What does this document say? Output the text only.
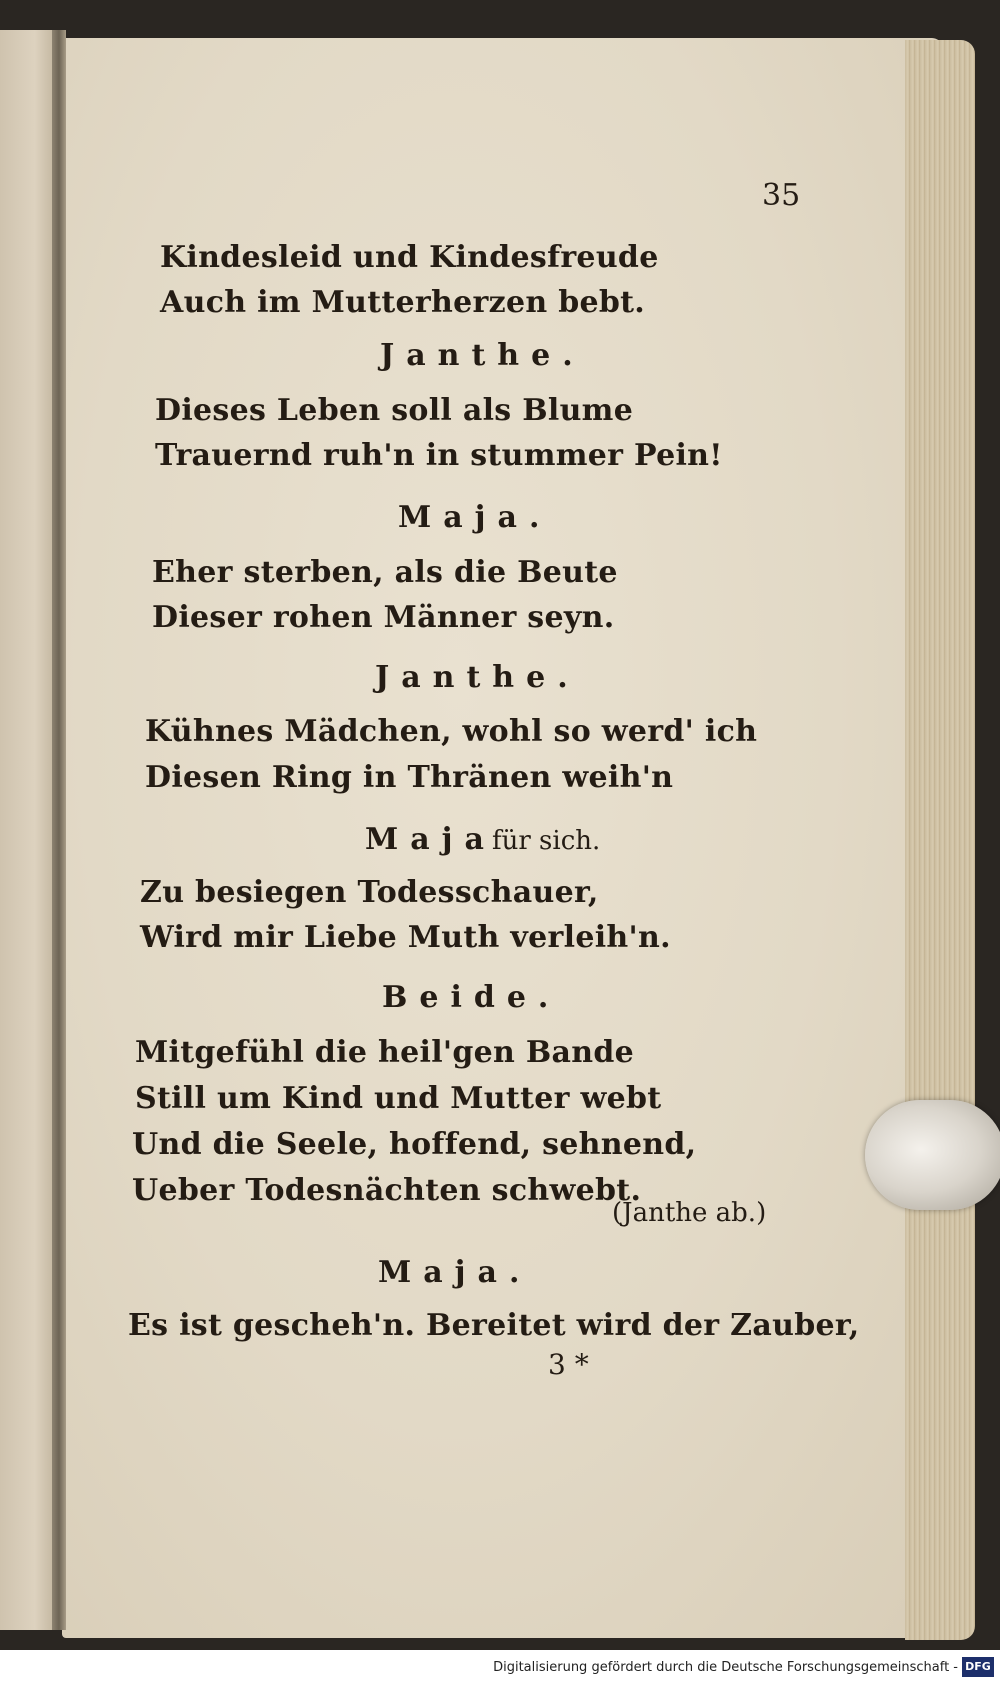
35
Kindesleid und Kindesfreude
Auch im Mutterherzen bebt.
Janthe.
Dieses Leben soll als Blume
Trauernd ruh'n in stummer Pein!
Maja.
Eher sterben, als die Beute
Dieser rohen Männer seyn.
Janthe.
Kühnes Mädchen, wohl so werd' ich
Diesen Ring in Thränen weih'n
Maja
für sich.
Zu besiegen Todesschauer,
Wird mir Liebe Muth verleih'n.
Beide.
Mitgefühl die heil'gen Bande
Still um Kind und Mutter webt
Und die Seele, hoffend, sehnend,
Ueber Todesnächten schwebt.
(Janthe ab.)
Maja.
Es ist gescheh'n. Bereitet wird der Zauber,
3 *
Digitalisierung gefördert durch die Deutsche Forschungsgemeinschaft - DFG
